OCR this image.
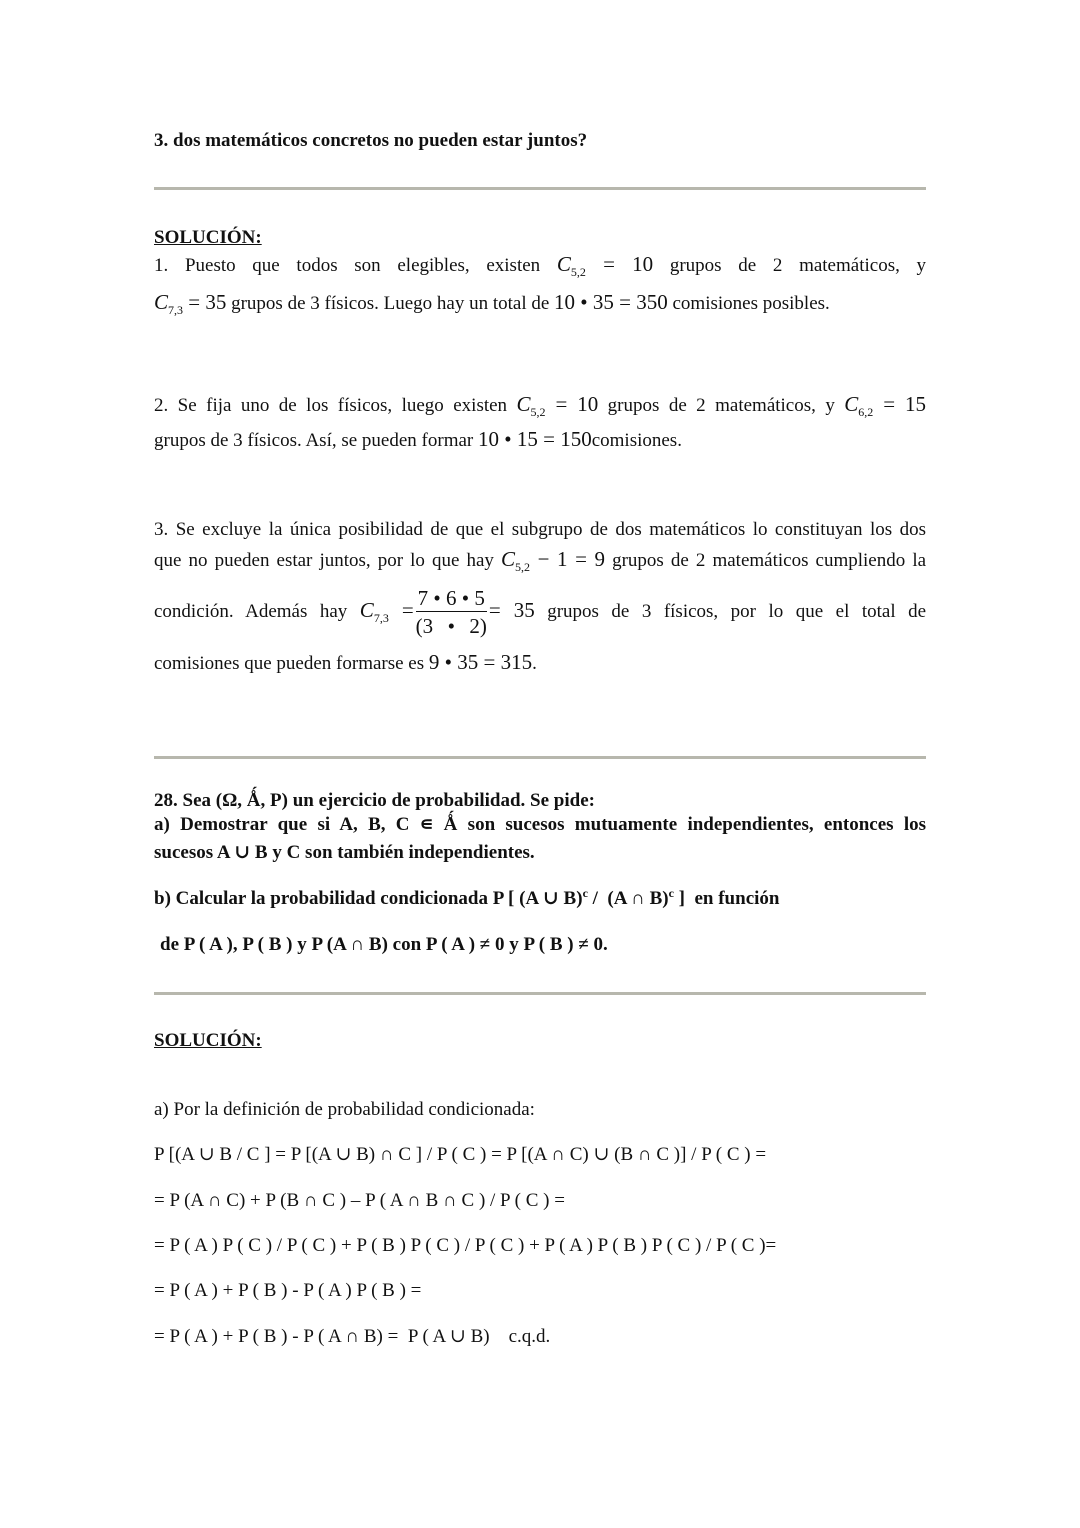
3. dos matemáticos concretos no pueden estar juntos?
SOLUCIÓN:
1. Puesto que todos son elegibles, existen $C_{5,2} = 10$ grupos de 2 matemáticos, y
$C_{7,3} = 35$ grupos de 3 físicos. Luego hay un total de 10 • 35 = 350 comisiones posibles.
2. Se fija uno de los físicos, luego existen $C_{5,2} = 10$ grupos de 2 matemáticos, y $C_{6,2} = 15$
grupos de 3 físicos. Así, se pueden formar 10 • 15 = 150comisiones.
3. Se excluye la única posibilidad de que el subgrupo de dos matemáticos lo constituyan los dos
que no pueden estar juntos, por lo que hay $C_{5,2} - 1 = 9$ grupos de 2 matemáticos cumpliendo la
condición. Además hay $C_{7,3} = \frac{7 • 6 • 5}{(3 • 2)} = 35$ grupos de 3 físicos, por lo que el total de
comisiones que pueden formarse es 9 • 35 = 315.
28. Sea (Ω, Ǻ, P) un ejercicio de probabilidad. Se pide:
a) Demostrar que si A, B, C ∊ Ǻ son sucesos mutuamente independientes, entonces los
sucesos A ∪ B y C son también independientes.
b) Calcular la probabilidad condicionada P [ (A ∪ B)$^c$ /  (A ∩ B)$^c$ ]  en función
de P ( A ), P ( B ) y P (A ∩ B) con P ( A ) ≠ 0 y P ( B ) ≠ 0.
SOLUCIÓN:
a) Por la definición de probabilidad condicionada:
P [(A ∪ B / C ] = P [(A ∪ B) ∩ C ] / P ( C ) = P [(A ∩ C) ∪ (B ∩ C )] / P ( C ) =
= P (A ∩ C) + P (B ∩ C ) – P ( A ∩ B ∩ C ) / P ( C ) =
= P ( A ) P ( C ) / P ( C ) + P ( B ) P ( C ) / P ( C ) + P ( A ) P ( B ) P ( C ) / P ( C )=
= P ( A ) + P ( B ) - P ( A ) P ( B ) =
= P ( A ) + P ( B ) - P ( A ∩ B) =  P ( A ∪ B)    c.q.d.
